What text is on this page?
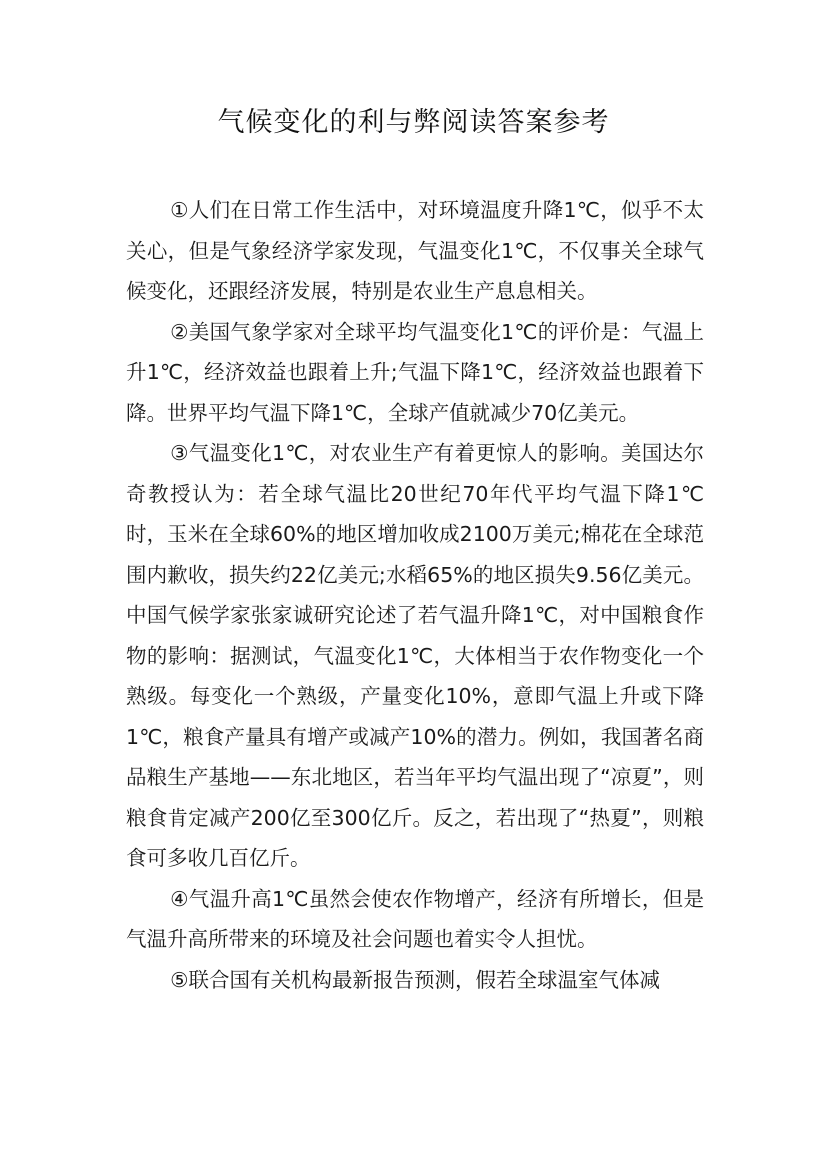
气候变化的利与弊阅读答案参考

①人们在日常工作生活中，对环境温度升降1℃，似乎不太关心，但是气象经济学家发现，气温变化1℃，不仅事关全球气候变化，还跟经济发展，特别是农业生产息息相关。

②美国气象学家对全球平均气温变化1℃的评价是：气温上升1℃，经济效益也跟着上升;气温下降1℃，经济效益也跟着下降。世界平均气温下降1℃，全球产值就减少70亿美元。

③气温变化1℃，对农业生产有着更惊人的影响。美国达尔奇教授认为：若全球气温比20世纪70年代平均气温下降1℃时，玉米在全球60%的地区增加收成2100万美元;棉花在全球范围内歉收，损失约22亿美元;水稻65%的地区损失9.56亿美元。中国气候学家张家诚研究论述了若气温升降1℃，对中国粮食作物的影响：据测试，气温变化1℃，大体相当于农作物变化一个熟级。每变化一个熟级，产量变化10%，意即气温上升或下降1℃，粮食产量具有增产或减产10%的潜力。例如，我国著名商品粮生产基地——东北地区，若当年平均气温出现了“凉夏”，则粮食肯定减产200亿至300亿斤。反之，若出现了“热夏”，则粮食可多收几百亿斤。

④气温升高1℃虽然会使农作物增产，经济有所增长，但是气温升高所带来的环境及社会问题也着实令人担忧。

⑤联合国有关机构最新报告预测，假若全球温室气体减
